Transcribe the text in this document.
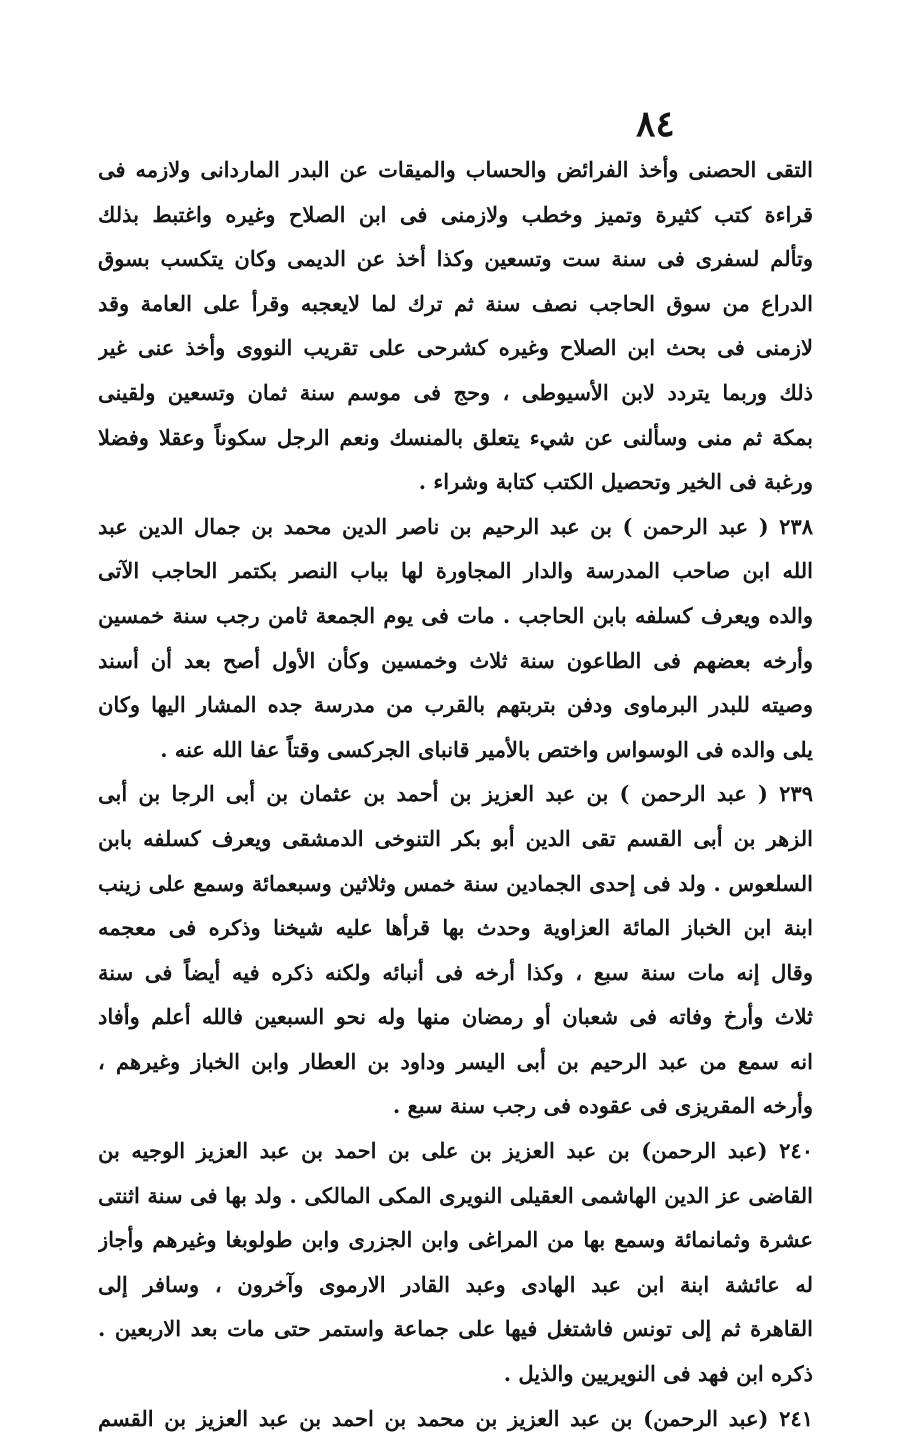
٨٤
التقى الحصنى وأخذ الفرائض والحساب والميقات عن البدر الماردانى ولازمه فى
قراءة كتب كثيرة وتميز وخطب ولازمنى فى ابن الصلاح وغيره واغتبط بذلك
وتألم لسفرى فى سنة ست وتسعين وكذا أخذ عن الديمى وكان يتكسب بسوق
الدراع من سوق الحاجب نصف سنة ثم ترك لما لايعجبه وقرأ على العامة وقد
لازمنى فى بحث ابن الصلاح وغيره كشرحى على تقريب النووى وأخذ عنى غير
ذلك وربما يتردد لابن الأسيوطى ، وحج فى موسم سنة ثمان وتسعين ولقينى
بمكة ثم منى وسألنى عن شيء يتعلق بالمنسك ونعم الرجل سكوناً وعقلا وفضلا
ورغبة فى الخير وتحصيل الكتب كتابة وشراء .
٢٣٨ ( عبد الرحمن ) بن عبد الرحيم بن ناصر الدين محمد بن جمال الدين عبد
الله ابن صاحب المدرسة والدار المجاورة لها بباب النصر بكتمر الحاجب الآتى
والده ويعرف كسلفه بابن الحاجب . مات فى يوم الجمعة ثامن رجب سنة خمسين
وأرخه بعضهم فى الطاعون سنة ثلاث وخمسين وكأن الأول أصح بعد أن أسند
وصيته للبدر البرماوى ودفن بتربتهم بالقرب من مدرسة جده المشار اليها وكان
يلى والده فى الوسواس واختص بالأمير قانباى الجركسى وقتاً عفا الله عنه .
٢٣٩ ( عبد الرحمن ) بن عبد العزيز بن أحمد بن عثمان بن أبى الرجا بن أبى
الزهر بن أبى القسم تقى الدين أبو بكر التنوخى الدمشقى ويعرف كسلفه بابن
السلعوس . ولد فى إحدى الجمادين سنة خمس وثلاثين وسبعمائة وسمع على زينب
ابنة ابن الخباز المائة العزاوية وحدث بها قرأها عليه شيخنا وذكره فى معجمه
وقال إنه مات سنة سبع ، وكذا أرخه فى أنبائه ولكنه ذكره فيه أيضاً فى سنة
ثلاث وأرخ وفاته فى شعبان أو رمضان منها وله نحو السبعين فالله أعلم وأفاد
انه سمع من عبد الرحيم بن أبى اليسر وداود بن العطار وابن الخباز وغيرهم ،
وأرخه المقريزى فى عقوده فى رجب سنة سبع .
٢٤٠ (عبد الرحمن) بن عبد العزيز بن على بن احمد بن عبد العزيز الوجيه بن
القاضى عز الدين الهاشمى العقيلى النويرى المكى المالكى . ولد بها فى سنة اثنتى
عشرة وثمانمائة وسمع بها من المراغى وابن الجزرى وابن طولوبغا وغيرهم وأجاز
له عائشة ابنة ابن عبد الهادى وعبد القادر الارموى وآخرون ، وسافر إلى
القاهرة ثم إلى تونس فاشتغل فيها على جماعة واستمر حتى مات بعد الاربعين .
ذكره ابن فهد فى النويريين والذيل .
٢٤١ (عبد الرحمن) بن عبد العزيز بن محمد بن احمد بن عبد العزيز بن القسم
